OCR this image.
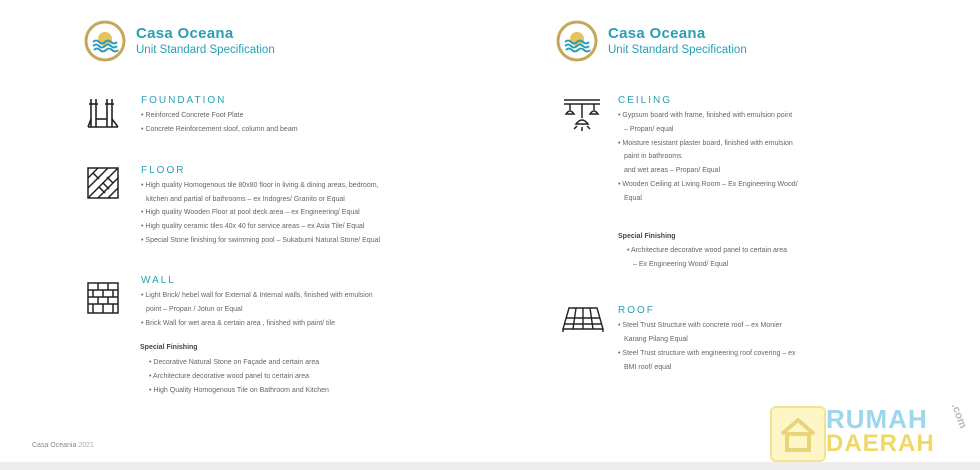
Casa Oceana
Unit Standard Specification
Casa Oceana
Unit Standard Specification
FOUNDATION
• Reinforced Concrete Foot Plate
• Concrete Reinforcement sloof, column and beam
FLOOR
• High quality Homogenous tile 80x80 floor in living & dining areas, bedroom,
kitchen and partial of bathrooms – ex Indogres/ Granito or Equal
• High quality Wooden Floor at pool deck area – ex Engineering/ Equal
• High quality ceramic tiles 40x 40 for service areas – ex Asia Tile/ Equal
• Special Stone finishing for swimming pool – Sukabumi Natural Stone/ Equal
WALL
• Light Brick/ hebel wall for External & Internal walls, finished with emulsion
point – Propan / Jotun or Equal
• Brick Wall for wet area & certain area , finished with paint/ tile
Special Finishing
• Decorative Natural Stone on Façade and certain area
• Architecture decorative wood panel to certain area
• High Quality Homogenous Tile on Bathroom and Kitchen
CEILING
• Gypsum board with frame, finished with emulsion point
– Propan/ equal
• Moisture resistant plaster board, finished with emulsion
paint in bathrooms
and wet areas – Propan/ Equal
• Wooden Ceiling at Living Room – Ex Engineering Wood/
Equal
Special Finishing
• Architecture decorative wood panel to certain area
– Ex Engineering Wood/ Equal
ROOF
• Steel Trust Structure with concrete roof – ex Monier
Karang Pilang Equal
• Steel Trust structure with engineering roof covering – ex
BMI roof/ equal
Casa Oceania 2021
RUMAH
DAERAH
.com
